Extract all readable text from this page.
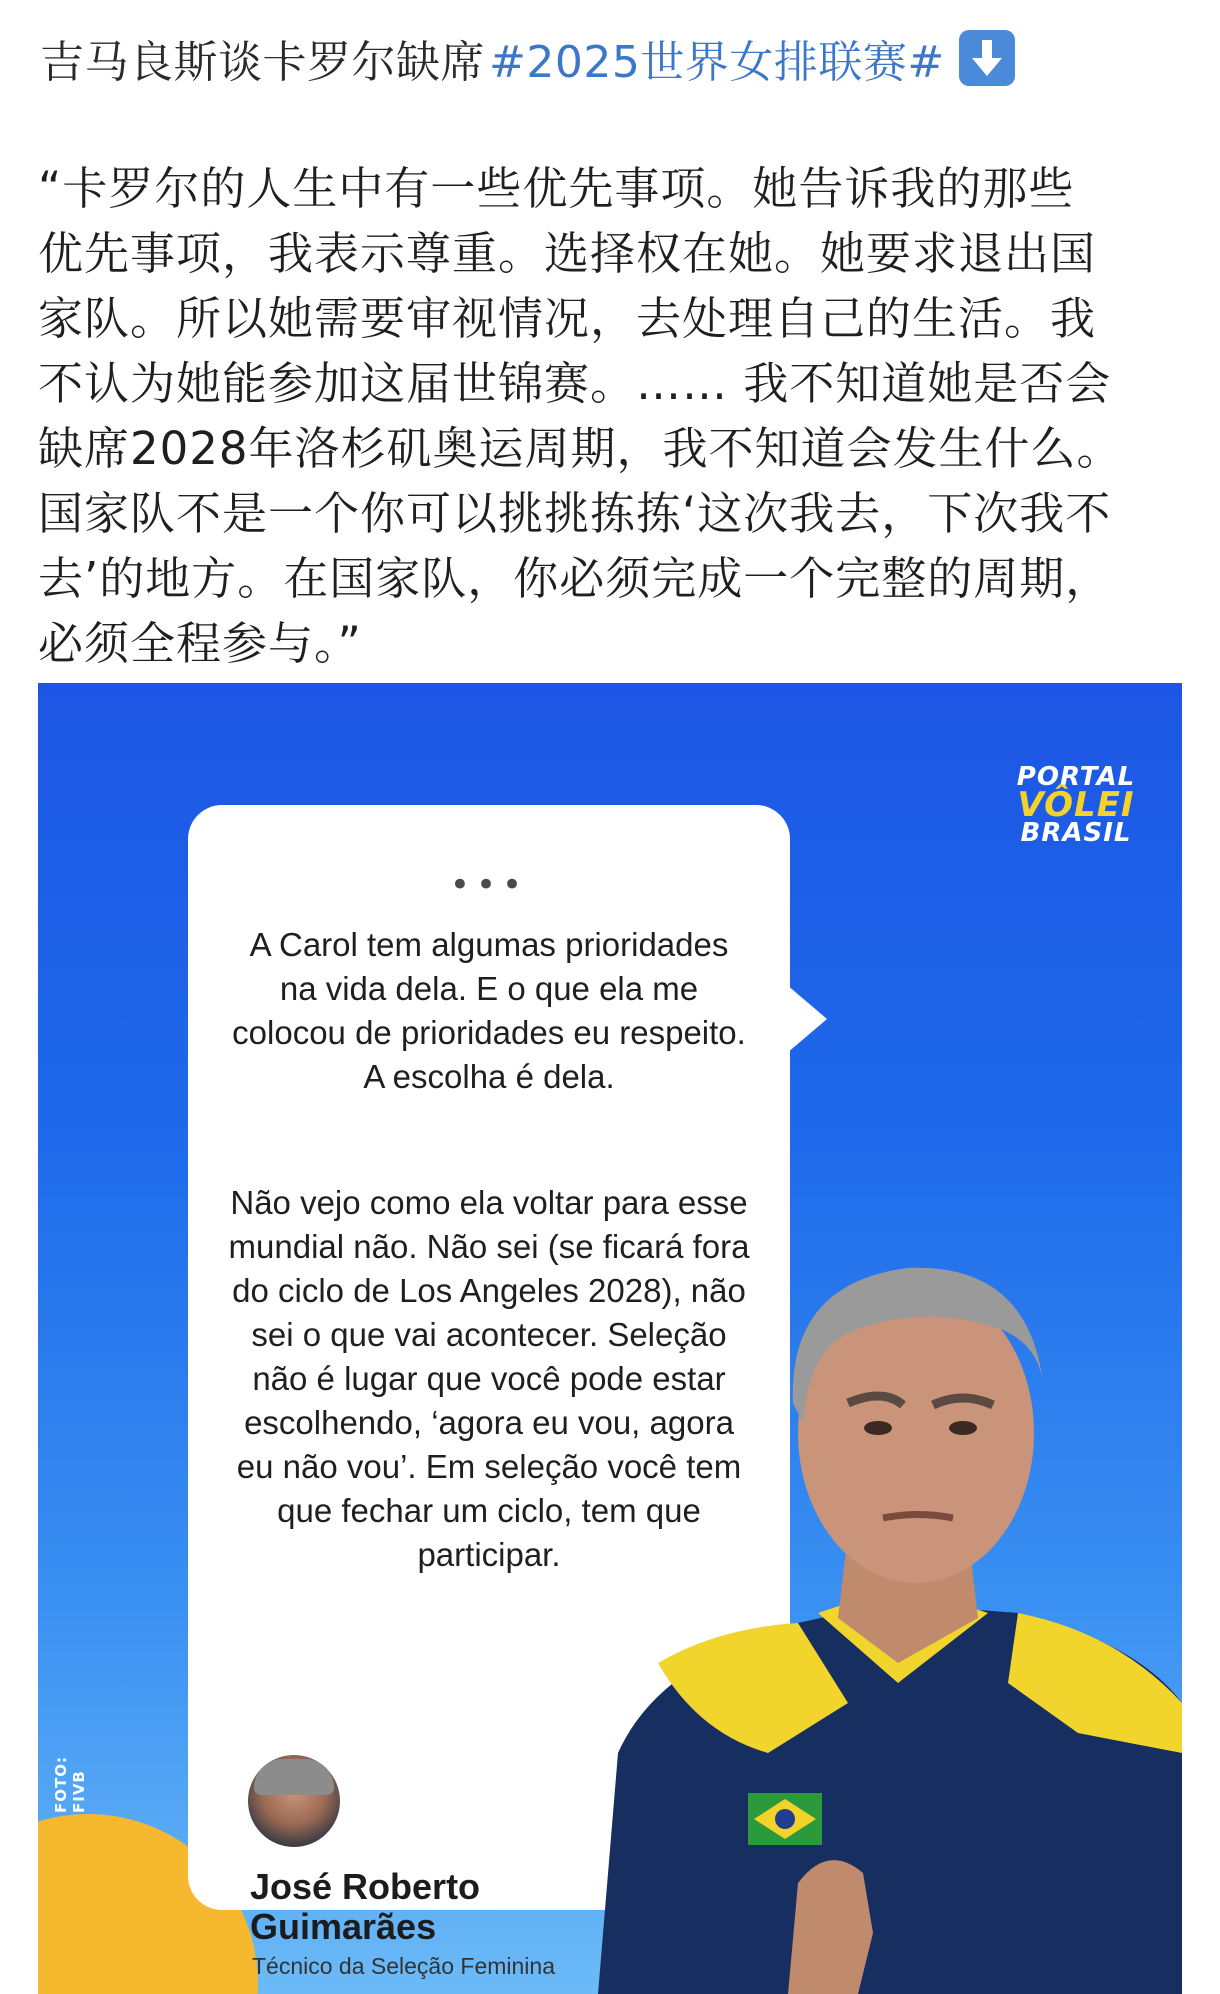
吉马良斯谈卡罗尔缺席 #2025世界女排联赛#
“卡罗尔的人生中有一些优先事项。她告诉我的那些
优先事项，我表示尊重。选择权在她。她要求退出国
家队。所以她需要审视情况，去处理自己的生活。我
不认为她能参加这届世锦赛。…… 我不知道她是否会
缺席2028年洛杉矶奥运周期，我不知道会发生什么。
国家队不是一个你可以挑挑拣拣‘这次我去，下次我不
去’的地方。在国家队，你必须完成一个完整的周期，
必须全程参与。”
PORTAL
VÔLEI
BRASIL
FOTO: FIVB
•••

A Carol tem algumas prioridades na vida dela. E o que ela me colocou de prioridades eu respeito. A escolha é dela.

Não vejo como ela voltar para esse mundial não. Não sei (se ficará fora do ciclo de Los Angeles 2028), não sei o que vai acontecer. Seleção não é lugar que você pode estar escolhendo, ‘agora eu vou, agora eu não vou’. Em seleção você tem que fechar um ciclo, tem que participar.

José Roberto
Guimarães

Técnico da Seleção Feminina
